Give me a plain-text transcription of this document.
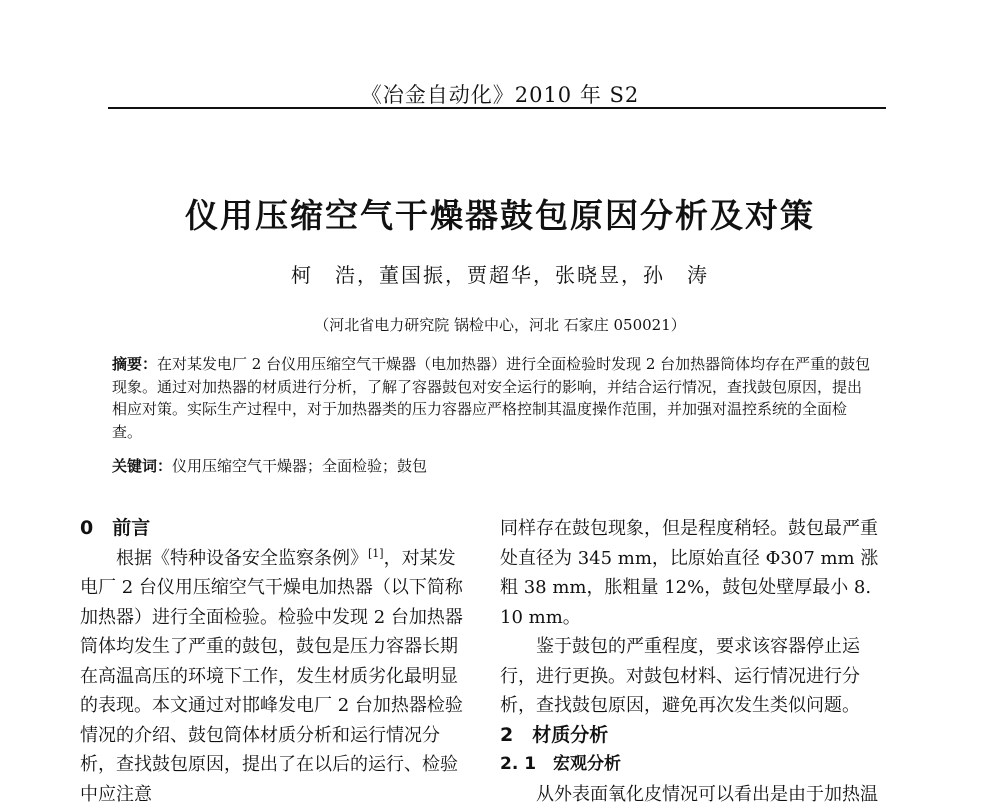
《冶金自动化》2010 年 S2
仪用压缩空气干燥器鼓包原因分析及对策
柯　浩，董国振，贾超华，张晓昱，孙　涛
（河北省电力研究院 锅检中心，河北 石家庄 050021）
摘要：在对某发电厂 2 台仪用压缩空气干燥器（电加热器）进行全面检验时发现 2 台加热器筒体均存在严重的鼓包现象。通过对加热器的材质进行分析，了解了容器鼓包对安全运行的影响，并结合运行情况，查找鼓包原因，提出相应对策。实际生产过程中，对于加热器类的压力容器应严格控制其温度操作范围，并加强对温控系统的全面检查。
关键词：仪用压缩空气干燥器；全面检验；鼓包

0　前言

根据《特种设备安全监察条例》[1]，对某发电厂 2 台仪用压缩空气干燥电加热器（以下简称加热器）进行全面检验。检验中发现 2 台加热器筒体均发生了严重的鼓包，鼓包是压力容器长期在高温高压的环境下工作，发生材质劣化最明显的表现。本文通过对邯峰发电厂 2 台加热器检验情况的介绍、鼓包筒体材质分析和运行情况分析，查找鼓包原因，提出了在以后的运行、检验中应注意

同样存在鼓包现象，但是程度稍轻。鼓包最严重处直径为 345 mm，比原始直径 Φ307 mm 涨粗 38 mm，胀粗量 12%，鼓包处壁厚最小 8. 10 mm。

鉴于鼓包的严重程度，要求该容器停止运行，进行更换。对鼓包材料、运行情况进行分析，查找鼓包原因，避免再次发生类似问题。

2　材质分析

2. 1　宏观分析

从外表面氧化皮情况可以看出是由于加热温
